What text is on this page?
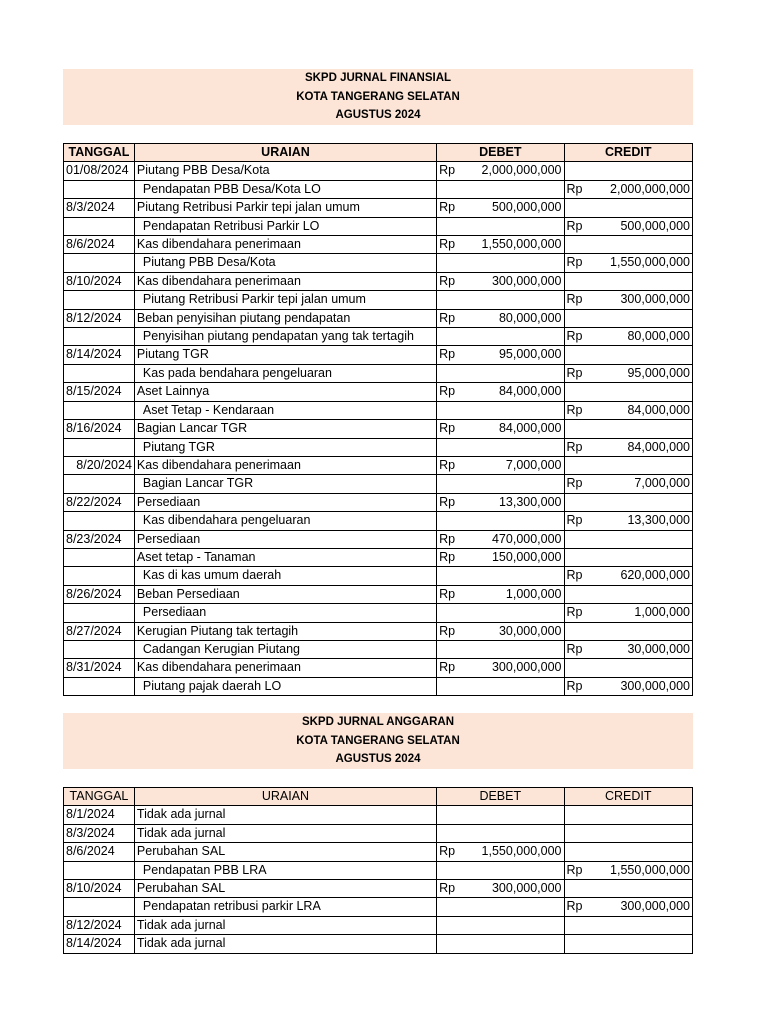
SKPD JURNAL FINANSIAL
KOTA TANGERANG SELATAN
AGUSTUS 2024
TANGGAL	URAIAN	DEBET	CREDIT
01/08/2024	Piutang PBB Desa/Kota	Rp 2,000,000,000	

	Pendapatan PBB Desa/Kota LO		Rp 2,000,000,000

8/3/2024	Piutang Retribusi Parkir tepi jalan umum	Rp 500,000,000	

	Pendapatan Retribusi Parkir LO		Rp 500,000,000

8/6/2024	Kas dibendahara penerimaan	Rp 1,550,000,000	

	Piutang PBB Desa/Kota		Rp 1,550,000,000

8/10/2024	Kas dibendahara penerimaan	Rp 300,000,000	

	Piutang Retribusi Parkir tepi jalan umum		Rp 300,000,000

8/12/2024	Beban penyisihan piutang pendapatan	Rp 80,000,000	

	Penyisihan piutang pendapatan yang tak tertagih		Rp 80,000,000

8/14/2024	Piutang TGR	Rp 95,000,000	

	Kas pada bendahara pengeluaran		Rp 95,000,000

8/15/2024	Aset Lainnya	Rp 84,000,000	

	Aset Tetap - Kendaraan		Rp 84,000,000

8/16/2024	Bagian Lancar TGR	Rp 84,000,000	

	Piutang TGR		Rp 84,000,000

8/20/2024	Kas dibendahara penerimaan	Rp 7,000,000	

	Bagian Lancar TGR		Rp 7,000,000

8/22/2024	Persediaan	Rp 13,300,000	

	Kas dibendahara pengeluaran		Rp 13,300,000

8/23/2024	Persediaan	Rp 470,000,000	

	Aset tetap - Tanaman	Rp 150,000,000	

	Kas di kas umum daerah		Rp 620,000,000

8/26/2024	Beban Persediaan	Rp 1,000,000	

	Persediaan		Rp 1,000,000

8/27/2024	Kerugian Piutang tak tertagih	Rp 30,000,000	

	Cadangan Kerugian Piutang		Rp 30,000,000

8/31/2024	Kas dibendahara penerimaan	Rp 300,000,000	

	Piutang pajak daerah LO		Rp 300,000,000
SKPD JURNAL ANGGARAN
KOTA TANGERANG SELATAN
AGUSTUS 2024
TANGGAL	URAIAN	DEBET	CREDIT
8/1/2024	Tidak ada jurnal		
8/3/2024	Tidak ada jurnal		
8/6/2024	Perubahan SAL	Rp 1,550,000,000	

	Pendapatan PBB LRA		Rp 1,550,000,000

8/10/2024	Perubahan SAL	Rp 300,000,000	

	Pendapatan retribusi parkir LRA		Rp 300,000,000

8/12/2024	Tidak ada jurnal		
8/14/2024	Tidak ada jurnal		
